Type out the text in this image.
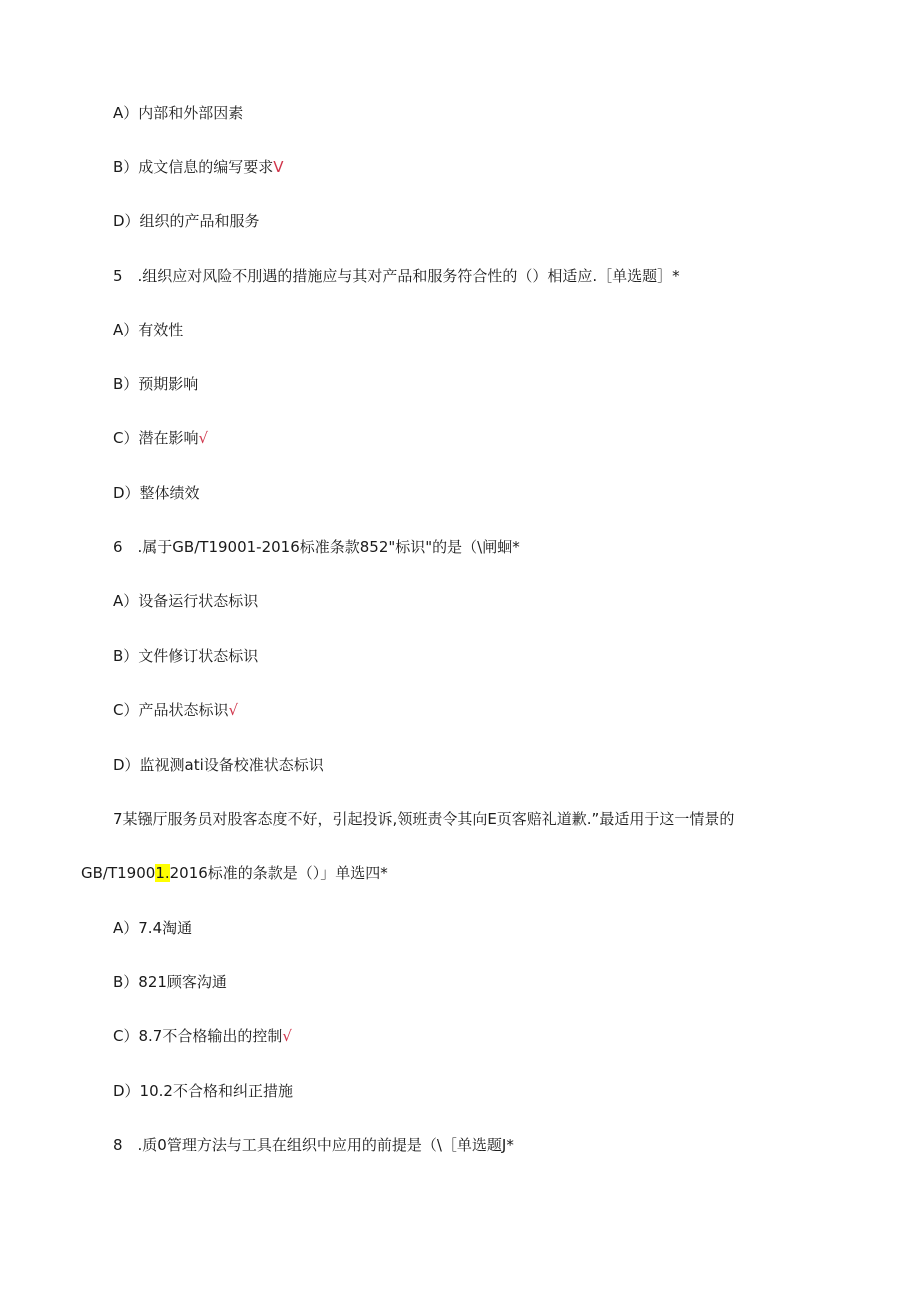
A）内部和外部因素
B）成文信息的编写要求V
D）组织的产品和服务
5　.组织应对风险不刖遇的措施应与其对产品和服务符合性的（）相适应.［单选题］*
A）有效性
B）预期影响
C）潜在影响√
D）整体绩效
6　.属于GB/T19001-2016标准条款852"标识"的是（\闸蛔*
A）设备运行状态标识
B）文件修订状态标识
C）产品状态标识√
D）监视测ati设备校准状态标识
7某镪厅服务员对股客态度不好，引起投诉,领班责令其向E页客赔礼道歉.”最适用于这一情景的
GB/T19001.2016标准的条款是（）」单选四*
A）7.4淘通
B）821顾客沟通
C）8.7不合格输出的控制√
D）10.2不合格和纠正措施
8　.质0管理方法与工具在组织中应用的前提是（\［单选题J*
